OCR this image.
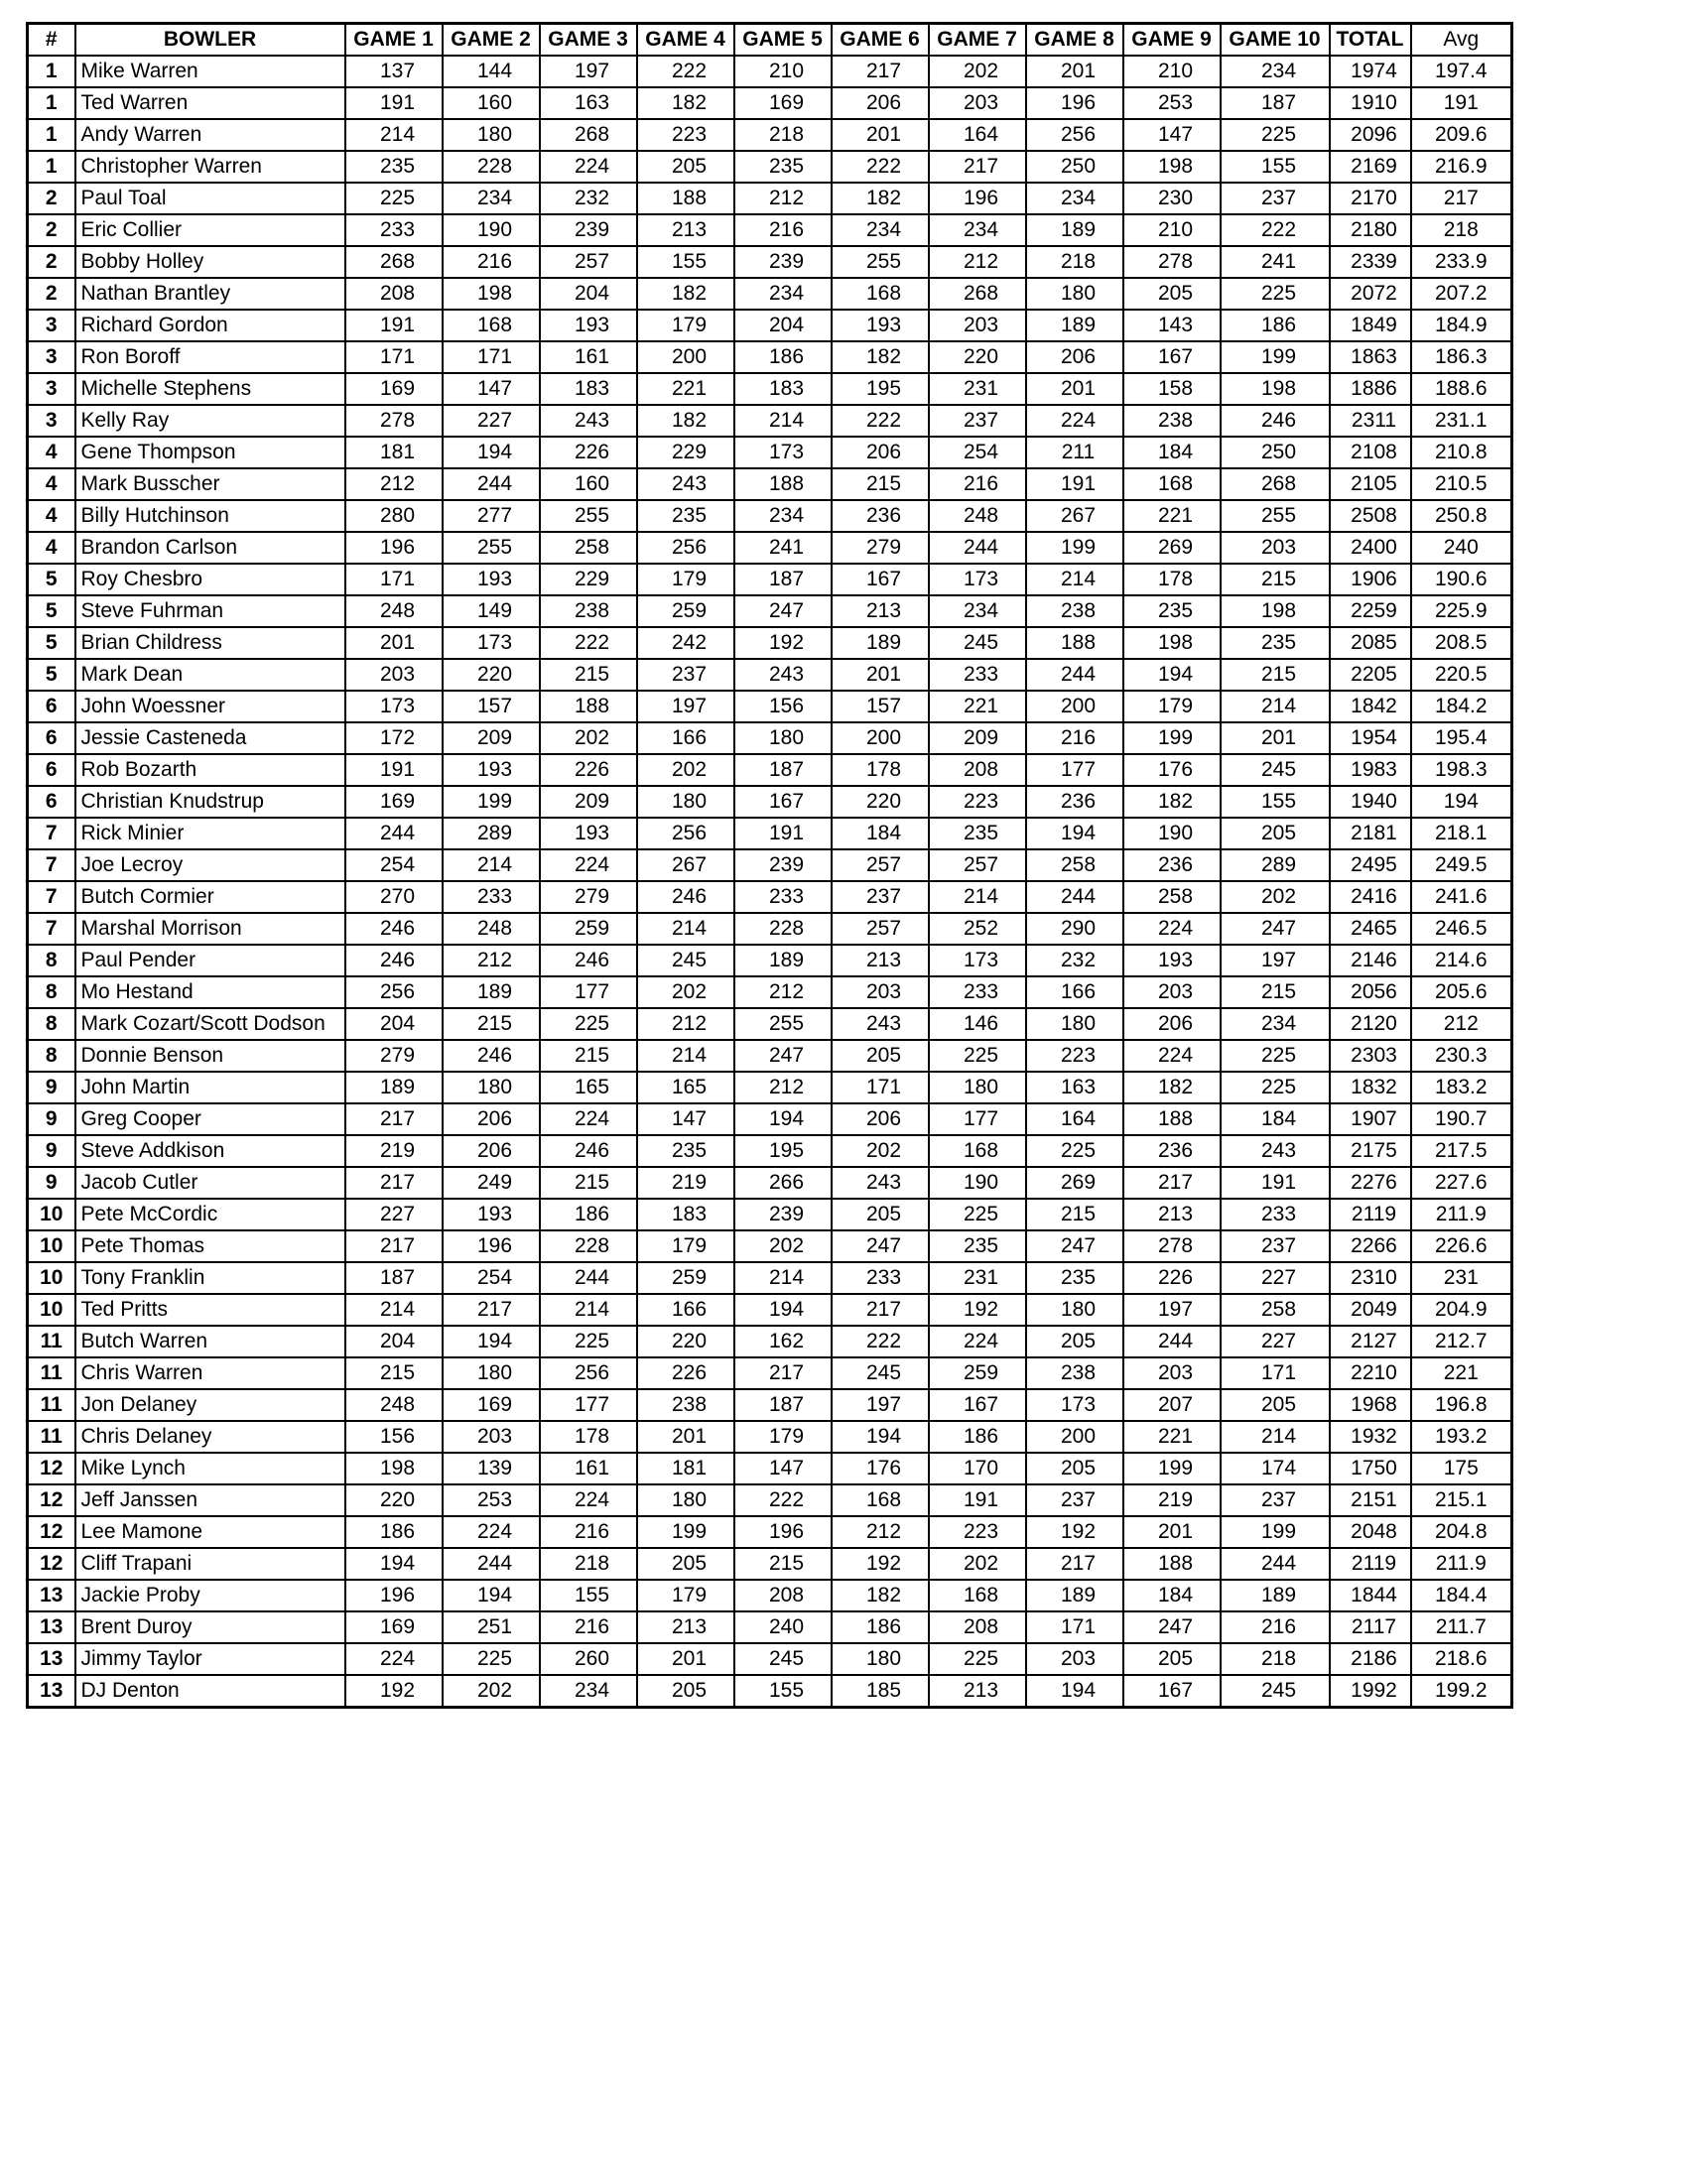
#	BOWLER	GAME 1	GAME 2	GAME 3	GAME 4	GAME 5	GAME 6	GAME 7	GAME 8	GAME 9	GAME 10	TOTAL	Avg
1	Mike Warren	137	144	197	222	210	217	202	201	210	234	1974	197.4
1	Ted Warren	191	160	163	182	169	206	203	196	253	187	1910	191
1	Andy Warren	214	180	268	223	218	201	164	256	147	225	2096	209.6
1	Christopher Warren	235	228	224	205	235	222	217	250	198	155	2169	216.9
2	Paul Toal	225	234	232	188	212	182	196	234	230	237	2170	217
2	Eric Collier	233	190	239	213	216	234	234	189	210	222	2180	218
2	Bobby Holley	268	216	257	155	239	255	212	218	278	241	2339	233.9
2	Nathan Brantley	208	198	204	182	234	168	268	180	205	225	2072	207.2
3	Richard Gordon	191	168	193	179	204	193	203	189	143	186	1849	184.9
3	Ron Boroff	171	171	161	200	186	182	220	206	167	199	1863	186.3
3	Michelle Stephens	169	147	183	221	183	195	231	201	158	198	1886	188.6
3	Kelly Ray	278	227	243	182	214	222	237	224	238	246	2311	231.1
4	Gene Thompson	181	194	226	229	173	206	254	211	184	250	2108	210.8
4	Mark Busscher	212	244	160	243	188	215	216	191	168	268	2105	210.5
4	Billy Hutchinson	280	277	255	235	234	236	248	267	221	255	2508	250.8
4	Brandon Carlson	196	255	258	256	241	279	244	199	269	203	2400	240
5	Roy Chesbro	171	193	229	179	187	167	173	214	178	215	1906	190.6
5	Steve Fuhrman	248	149	238	259	247	213	234	238	235	198	2259	225.9
5	Brian Childress	201	173	222	242	192	189	245	188	198	235	2085	208.5
5	Mark Dean	203	220	215	237	243	201	233	244	194	215	2205	220.5
6	John Woessner	173	157	188	197	156	157	221	200	179	214	1842	184.2
6	Jessie Casteneda	172	209	202	166	180	200	209	216	199	201	1954	195.4
6	Rob Bozarth	191	193	226	202	187	178	208	177	176	245	1983	198.3
6	Christian Knudstrup	169	199	209	180	167	220	223	236	182	155	1940	194
7	Rick Minier	244	289	193	256	191	184	235	194	190	205	2181	218.1
7	Joe Lecroy	254	214	224	267	239	257	257	258	236	289	2495	249.5
7	Butch Cormier	270	233	279	246	233	237	214	244	258	202	2416	241.6
7	Marshal Morrison	246	248	259	214	228	257	252	290	224	247	2465	246.5
8	Paul Pender	246	212	246	245	189	213	173	232	193	197	2146	214.6
8	Mo Hestand	256	189	177	202	212	203	233	166	203	215	2056	205.6
8	Mark Cozart/Scott Dodson	204	215	225	212	255	243	146	180	206	234	2120	212
8	Donnie Benson	279	246	215	214	247	205	225	223	224	225	2303	230.3
9	John Martin	189	180	165	165	212	171	180	163	182	225	1832	183.2
9	Greg Cooper	217	206	224	147	194	206	177	164	188	184	1907	190.7
9	Steve Addkison	219	206	246	235	195	202	168	225	236	243	2175	217.5
9	Jacob Cutler	217	249	215	219	266	243	190	269	217	191	2276	227.6
10	Pete McCordic	227	193	186	183	239	205	225	215	213	233	2119	211.9
10	Pete Thomas	217	196	228	179	202	247	235	247	278	237	2266	226.6
10	Tony Franklin	187	254	244	259	214	233	231	235	226	227	2310	231
10	Ted Pritts	214	217	214	166	194	217	192	180	197	258	2049	204.9
11	Butch Warren	204	194	225	220	162	222	224	205	244	227	2127	212.7
11	Chris Warren	215	180	256	226	217	245	259	238	203	171	2210	221
11	Jon Delaney	248	169	177	238	187	197	167	173	207	205	1968	196.8
11	Chris Delaney	156	203	178	201	179	194	186	200	221	214	1932	193.2
12	Mike Lynch	198	139	161	181	147	176	170	205	199	174	1750	175
12	Jeff Janssen	220	253	224	180	222	168	191	237	219	237	2151	215.1
12	Lee Mamone	186	224	216	199	196	212	223	192	201	199	2048	204.8
12	Cliff Trapani	194	244	218	205	215	192	202	217	188	244	2119	211.9
13	Jackie Proby	196	194	155	179	208	182	168	189	184	189	1844	184.4
13	Brent Duroy	169	251	216	213	240	186	208	171	247	216	2117	211.7
13	Jimmy Taylor	224	225	260	201	245	180	225	203	205	218	2186	218.6
13	DJ Denton	192	202	234	205	155	185	213	194	167	245	1992	199.2
